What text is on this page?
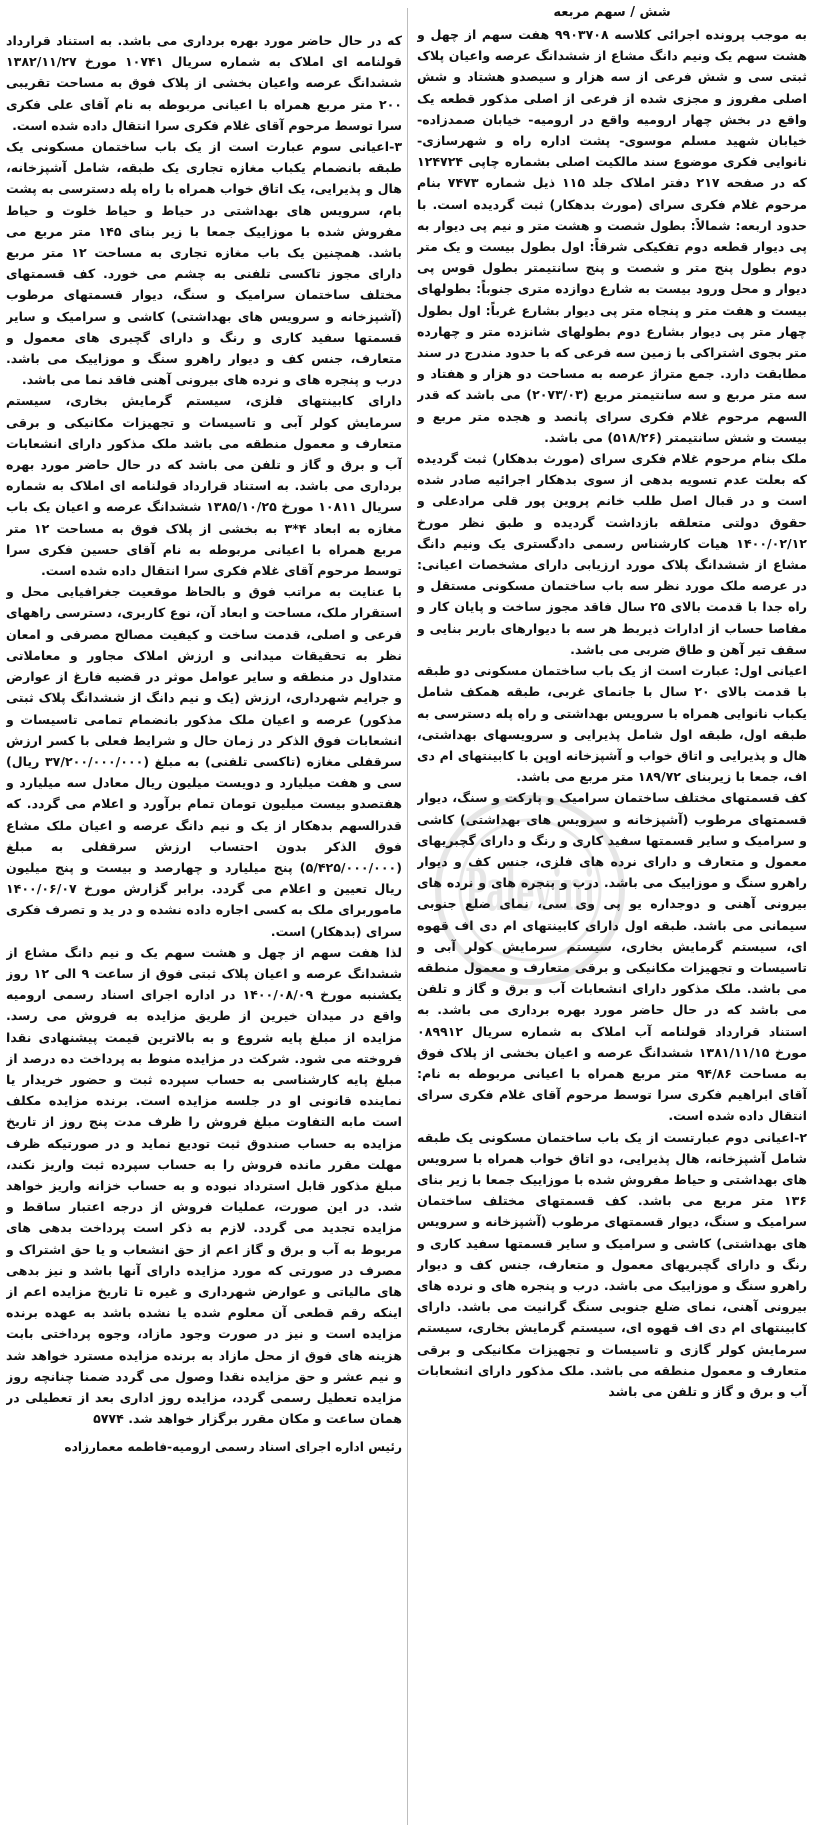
شش / سهم مربعه

به موجب پرونده اجرائی کلاسه ۹۹۰۳۷۰۸ هفت سهم از چهل و هشت سهم یک ونیم دانگ مشاع از ششدانگ عرصه واعیان پلاک ثبتی سی و شش فرعی از سه هزار و سیصدو هشتاد و شش اصلی مفروز و مجزی شده از فرعی از اصلی مذکور قطعه یک واقع در بخش چهار ارومیه واقع در ارومیه- خیابان صمدزاده- خیابان شهید مسلم موسوی- پشت اداره راه و شهرسازی- نانوایی فکری موضوع سند مالکیت اصلی بشماره چاپی ۱۲۴۷۲۴ که در صفحه ۲۱۷ دفتر املاک جلد ۱۱۵ ذیل شماره ۷۴۷۳ بنام مرحوم غلام فکری سرای (مورث بدهکار) ثبت گردیده است. با حدود اربعه: شمالاً: بطول شصت و هشت متر و نیم پی دیوار به پی دیوار قطعه دوم تفکیکی شرقاً: اول بطول بیست و یک متر دوم بطول پنج متر و شصت و پنج سانتیمتر بطول قوس پی دیوار و محل ورود بیست به شارع دوازده متری جنوباً: بطولهای بیست و هفت متر و پنجاه متر پی دیوار بشارع غرباً: اول بطول چهار متر پی دیوار بشارع دوم بطولهای شانزده متر و چهارده متر بجوی اشتراکی با زمین سه فرعی که با حدود مندرج در سند مطابقت دارد. جمع متراژ عرصه به مساحت دو هزار و هفتاد و سه متر مربع و سه سانتیمتر مربع (۲۰۷۳/۰۳) می باشد که قدر السهم مرحوم غلام فکری سرای پانصد و هجده متر مربع و بیست و شش سانتیمتر (۵۱۸/۲۶) می باشد.

ملک بنام مرحوم غلام فکری سرای (مورث بدهکار) ثبت گردیده که بعلت عدم تسویه بدهی از سوی بدهکار اجرائیه صادر شده است و در قبال اصل طلب خانم پروین پور قلی مرادعلی و حقوق دولتی متعلقه بازداشت گردیده و طبق نظر مورخ ۱۴۰۰/۰۲/۱۲ هیات کارشناس رسمی دادگستری یک ونیم دانگ مشاع از ششدانگ پلاک مورد ارزیابی دارای مشخصات اعیانی: در عرصه ملک مورد نظر سه باب ساختمان مسکونی مستقل و راه جدا با قدمت بالای ۲۵ سال فاقد مجوز ساخت و پایان کار و مفاصا حساب از ادارات ذیربط هر سه با دیوارهای باربر بنایی و سقف تیر آهن و طاق ضربی می باشد.

اعیانی اول: عبارت است از یک باب ساختمان مسکونی دو طبقه با قدمت بالای ۲۰ سال با جانمای غربی، طبقه همکف شامل یکباب نانوایی همراه با سرویس بهداشتی و راه پله دسترسی به طبقه اول، طبقه اول شامل پذیرایی و سرویسهای بهداشتی، هال و پذیرایی و اتاق خواب و آشپزخانه اوپن با کابینتهای ام دی اف، جمعا با زیربنای ۱۸۹/۷۲ متر مربع می باشد.

کف قسمتهای مختلف ساختمان سرامیک و پارکت و سنگ، دیوار قسمتهای مرطوب (آشپزخانه و سرویس های بهداشتی) کاشی و سرامیک و سایر قسمتها سفید کاری و رنگ و دارای گچبریهای معمول و متعارف و دارای نرده های فلزی، جنس کف و دیوار راهرو سنگ و موزاییک می باشد. درب و پنجره های و نرده های بیرونی آهنی و دوجداره یو پی وی سی، نمای ضلع جنوبی سیمانی می باشد. طبقه اول دارای کابینتهای ام دی اف قهوه ای، سیستم گرمایش بخاری، سیستم سرمایش کولر آبی و تاسیسات و تجهیزات مکانیکی و برقی متعارف و معمول منطقه می باشد. ملک مذکور دارای انشعابات آب و برق و گاز و تلفن می باشد که در حال حاضر مورد بهره برداری می باشد. به استناد قرارداد قولنامه آب املاک به شماره سریال ۰۸۹۹۱۲ مورخ ۱۳۸۱/۱۱/۱۵ ششدانگ عرصه و اعیان بخشی از پلاک فوق به مساحت ۹۴/۸۶ متر مربع همراه با اعیانی مربوطه به نام: آقای ابراهیم فکری سرا توسط مرحوم آقای غلام فکری سرای انتقال داده شده است.

۲-اعیانی دوم عبارتست از یک باب ساختمان مسکونی یک طبقه شامل آشپزخانه، هال پذیرایی، دو اتاق خواب همراه با سرویس های بهداشتی و حیاط مفروش شده با موزاییک جمعا با زیر بنای ۱۳۶ متر مربع می باشد. کف قسمتهای مختلف ساختمان سرامیک و سنگ، دیوار قسمتهای مرطوب (آشپزخانه و سرویس های بهداشتی) کاشی و سرامیک و سایر قسمتها سفید کاری و رنگ و دارای گچبریهای معمول و متعارف، جنس کف و دیوار راهرو سنگ و موزاییک می باشد. درب و پنجره های و نرده های بیرونی آهنی، نمای ضلع جنوبی سنگ گرانیت می باشد. دارای کابینتهای ام دی اف قهوه ای، سیستم گرمایش بخاری، سیستم سرمایش کولر گازی و تاسیسات و تجهیزات مکانیکی و برقی متعارف و معمول منطقه می باشد. ملک مذکور دارای انشعابات آب و برق و گاز و تلفن می باشد

که در حال حاضر مورد بهره برداری می باشد. به استناد قرارداد قولنامه ای املاک به شماره سریال ۱۰۷۴۱ مورخ ۱۳۸۲/۱۱/۲۷ ششدانگ عرصه واعیان بخشی از پلاک فوق به مساحت تقریبی ۲۰۰ متر مربع همراه با اعیانی مربوطه به نام آقای علی فکری سرا توسط مرحوم آقای غلام فکری سرا انتقال داده شده است.

۳-اعیانی سوم عبارت است از یک باب ساختمان مسکونی یک طبقه بانضمام یکباب مغازه تجاری یک طبقه، شامل آشپزخانه، هال و پذیرایی، یک اتاق خواب همراه با راه پله دسترسی به پشت بام، سرویس های بهداشتی در حیاط و حیاط خلوت و حیاط مفروش شده با موزاییک جمعا با زیر بنای ۱۴۵ متر مربع می باشد. همچنین یک باب مغازه تجاری به مساحت ۱۲ متر مربع دارای مجوز تاکسی تلفنی به چشم می خورد. کف قسمتهای مختلف ساختمان سرامیک و سنگ، دیوار قسمتهای مرطوب (آشپزخانه و سرویس های بهداشتی) کاشی و سرامیک و سایر قسمتها سفید کاری و رنگ و دارای گچبری های معمول و متعارف، جنس کف و دیوار راهرو سنگ و موزاییک می باشد. درب و پنجره های و نرده های بیرونی آهنی فاقد نما می باشد.

دارای کابینتهای فلزی، سیستم گرمایش بخاری، سیستم سرمایش کولر آبی و تاسیسات و تجهیزات مکانیکی و برقی متعارف و معمول منطقه می باشد ملک مذکور دارای انشعابات آب و برق و گاز و تلفن می باشد که در حال حاضر مورد بهره برداری می باشد. به استناد قرارداد قولنامه ای املاک به شماره سریال ۱۰۸۱۱ مورخ ۱۳۸۵/۱۰/۲۵ ششدانگ عرصه و اعیان یک باب مغازه به ابعاد ۴*۳ به بخشی از پلاک فوق به مساحت ۱۲ متر مربع همراه با اعیانی مربوطه به نام آقای حسین فکری سرا توسط مرحوم آقای غلام فکری سرا انتقال داده شده است.

با عنایت به مراتب فوق و بالحاظ موقعیت جغرافیایی محل و استقرار ملک، مساحت و ابعاد آن، نوع کاربری، دسترسی راههای فرعی و اصلی، قدمت ساخت و کیفیت مصالح مصرفی و امعان نظر به تحقیقات میدانی و ارزش املاک مجاور و معاملاتی متداول در منطقه و سایر عوامل موثر در قضیه فارغ از عوارض و جرایم شهرداری، ارزش (یک و نیم دانگ از ششدانگ پلاک ثبتی مذکور) عرصه و اعیان ملک مذکور بانضمام تمامی تاسیسات و انشعابات فوق الذکر در زمان حال و شرایط فعلی با کسر ارزش سرقفلی مغازه (تاکسی تلفنی) به مبلغ (۳۷/۲۰۰/۰۰۰/۰۰۰ ریال) سی و هفت میلیارد و دویست میلیون ریال معادل سه میلیارد و هفتصدو بیست میلیون تومان تمام برآورد و اعلام می گردد. که قدرالسهم بدهکار از یک و نیم دانگ عرصه و اعیان ملک مشاع فوق الذکر بدون احتساب ارزش سرقفلی به مبلغ (۵/۴۲۵/۰۰۰/۰۰۰) پنج میلیارد و چهارصد و بیست و پنج میلیون ریال تعیین و اعلام می گردد. برابر گزارش مورخ ۱۴۰۰/۰۶/۰۷ ماموربرای ملک به کسی اجاره داده نشده و در ید و تصرف فکری سرای (بدهکار) است.

لذا هفت سهم از چهل و هشت سهم یک و نیم دانگ مشاع از ششدانگ عرصه و اعیان پلاک ثبتی فوق از ساعت ۹ الی ۱۲ روز یکشنبه مورخ ۱۴۰۰/۰۸/۰۹ در اداره اجرای اسناد رسمی ارومیه واقع در میدان خیرین از طریق مزایده به فروش می رسد. مزایده از مبلغ پایه شروع و به بالاترین قیمت پیشنهادی نقدا فروخته می شود. شرکت در مزایده منوط به پرداخت ده درصد از مبلغ پایه کارشناسی به حساب سپرده ثبت و حضور خریدار یا نماینده قانونی او در جلسه مزایده است. برنده مزایده مکلف است مابه التفاوت مبلغ فروش را ظرف مدت پنج روز از تاریخ مزایده به حساب صندوق ثبت تودیع نماید و در صورتیکه ظرف مهلت مقرر مانده فروش را به حساب سپرده ثبت واریز نکند، مبلغ مذکور قابل استرداد نبوده و به حساب خزانه واریز خواهد شد. در این صورت، عملیات فروش از درجه اعتبار ساقط و مزایده تجدید می گردد. لازم به ذکر است پرداخت بدهی های مربوط به آب و برق و گاز اعم از حق انشعاب و یا حق اشتراک و مصرف در صورتی که مورد مزایده دارای آنها باشد و نیز بدهی های مالیاتی و عوارض شهرداری و غیره تا تاریخ مزایده اعم از اینکه رقم قطعی آن معلوم شده یا نشده باشد به عهده برنده مزایده است و نیز در صورت وجود مازاد، وجوه پرداختی بابت هزینه های فوق از محل مازاد به برنده مزایده مسترد خواهد شد و نیم عشر و حق مزایده نقدا وصول می گردد ضمنا چنانچه روز مزایده تعطیل رسمی گردد، مزایده روز اداری بعد از تعطیلی در همان ساعت و مکان مقرر برگزار خواهد شد. ۵۷۷۴

رئیس اداره اجرای اسناد رسمی ارومیه-فاطمه معمارزاده
Palevini
